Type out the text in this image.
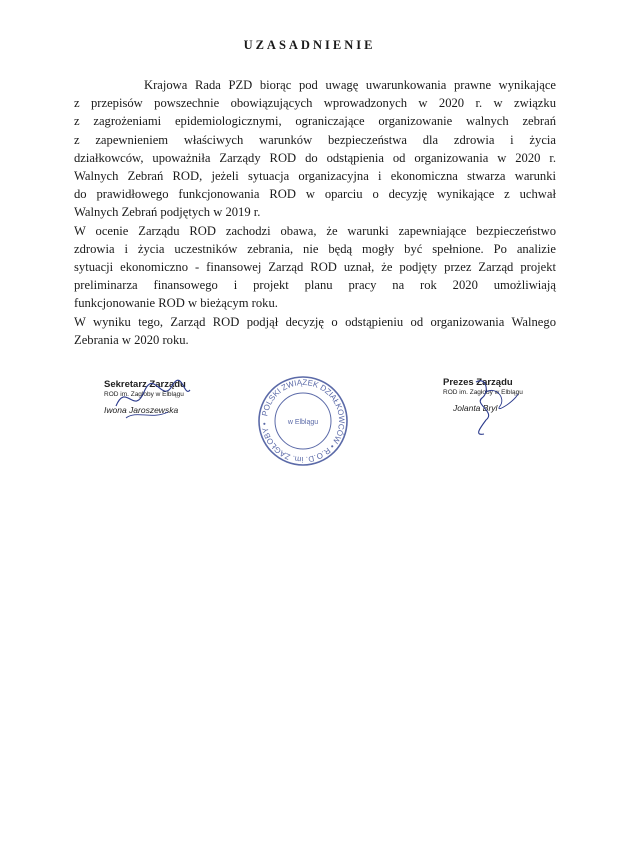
UZASADNIENIE
Krajowa Rada PZD biorąc pod uwagę uwarunkowania prawne wynikające
z przepisów powszechnie obowiązujących wprowadzonych w 2020 r. w związku
z zagrożeniami epidemiologicznymi, ograniczające organizowanie walnych zebrań
z zapewnieniem właściwych warunków bezpieczeństwa dla zdrowia i życia
działkowców, upoważniła Zarządy ROD do odstąpienia od organizowania w 2020 r.
Walnych Zebrań ROD, jeżeli sytuacja organizacyjna i ekonomiczna stwarza warunki
do prawidłowego funkcjonowania ROD w oparciu o decyzję wynikające z uchwał
Walnych Zebrań podjętych w 2019 r.
W ocenie Zarządu ROD zachodzi obawa, że warunki zapewniające bezpieczeństwo
zdrowia i życia uczestników zebrania, nie będą mogły być spełnione. Po analizie
sytuacji ekonomiczno - finansowej Zarząd ROD uznał, że podjęty przez Zarząd projekt
preliminarza finansowego i projekt planu pracy na rok 2020 umożliwiają
funkcjonowanie ROD w bieżącym roku.
W wyniku tego, Zarząd ROD podjął decyzję o odstąpieniu od organizowania Walnego
Zebrania w 2020 roku.
Sekretarz Zarządu
ROD im. Zagłoby w Elblągu
Iwona Jaroszewska	POLSKI ZWIĄZEK DZIAŁKOWCÓW • R.O.D. im. ZAGŁOBY •	w Elblągu
Prezes Zarządu
ROD im. Zagłoby w Elblągu
Jolanta Bryl
